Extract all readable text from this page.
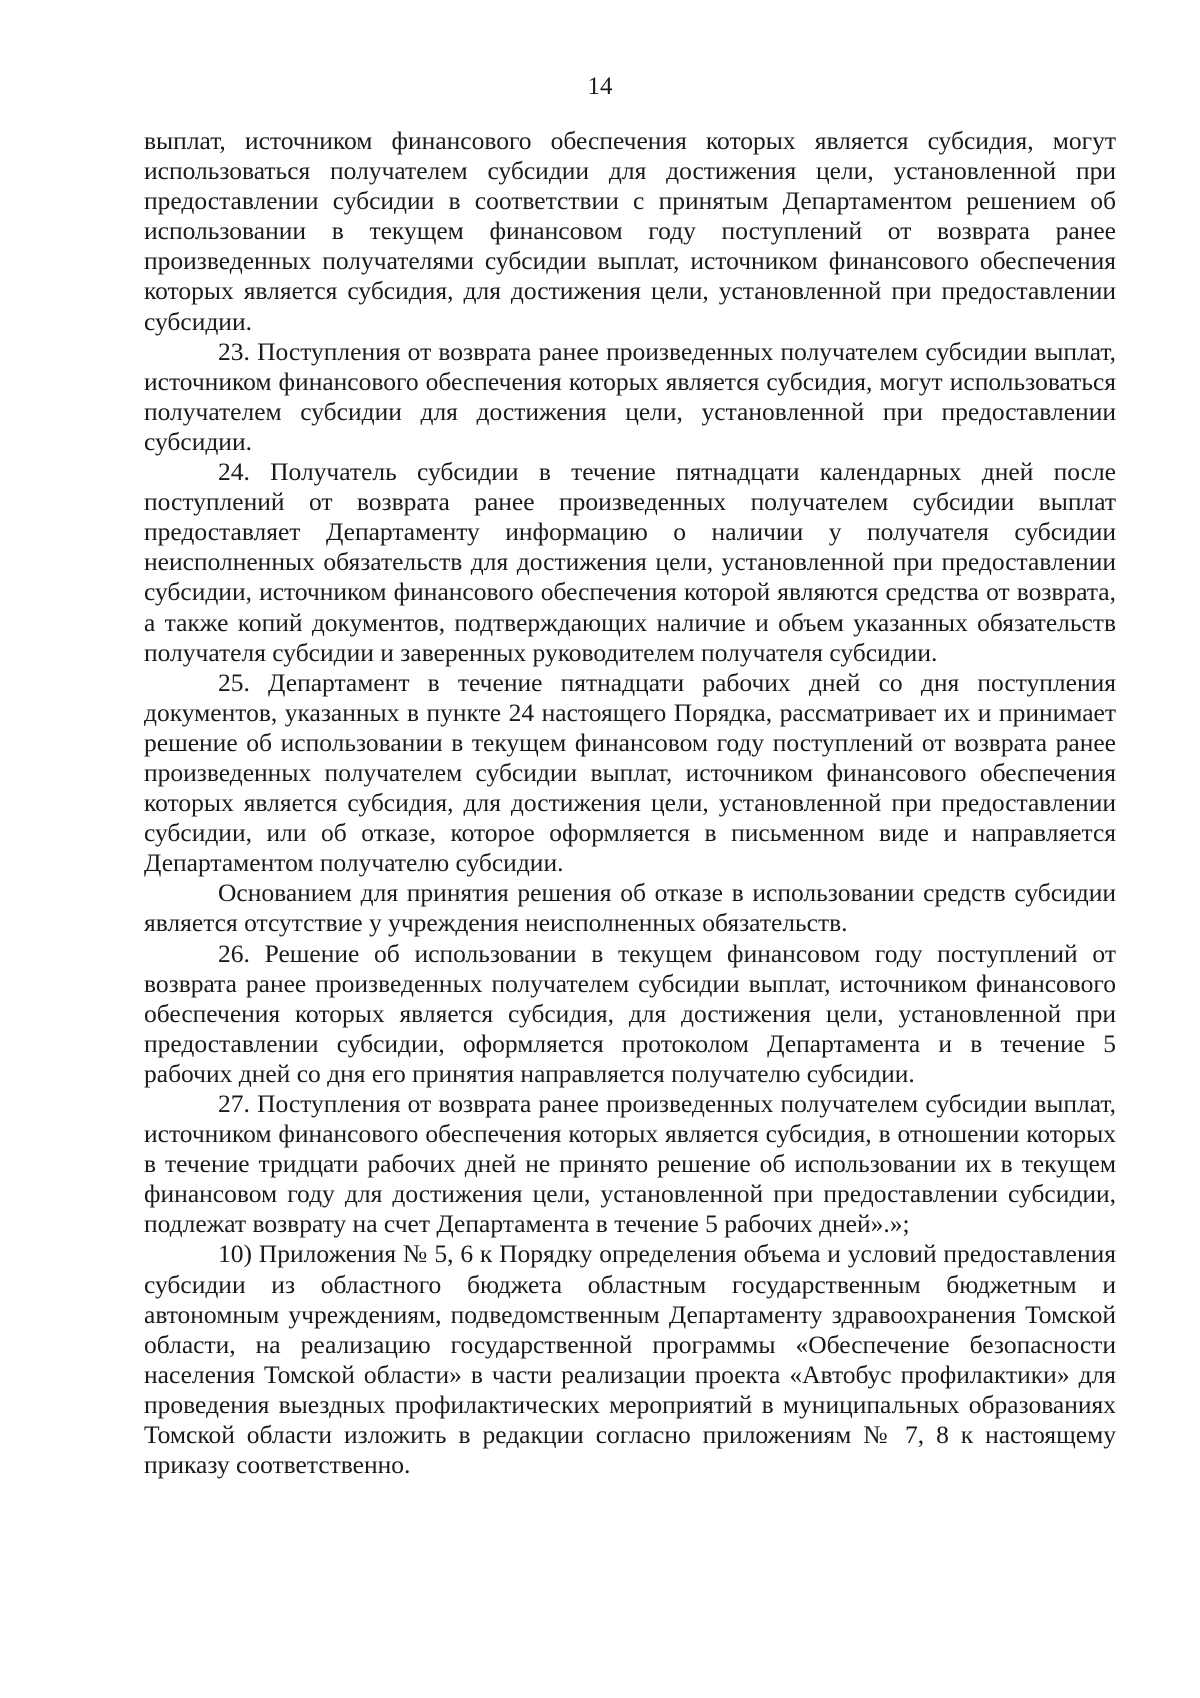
14

выплат, источником финансового обеспечения которых является субсидия, могут использоваться получателем субсидии для достижения цели, установленной при предоставлении субсидии в соответствии с принятым Департаментом решением об использовании в текущем финансовом году поступлений от возврата ранее произведенных получателями субсидии выплат, источником финансового обеспечения которых является субсидия, для достижения цели, установленной при предоставлении субсидии.

23. Поступления от возврата ранее произведенных получателем субсидии выплат, источником финансового обеспечения которых является субсидия, могут использоваться получателем субсидии для достижения цели, установленной при предоставлении субсидии.

24. Получатель субсидии в течение пятнадцати календарных дней после поступлений от возврата ранее произведенных получателем субсидии выплат предоставляет Департаменту информацию о наличии у получателя субсидии неисполненных обязательств для достижения цели, установленной при предоставлении субсидии, источником финансового обеспечения которой являются средства от возврата, а также копий документов, подтверждающих наличие и объем указанных обязательств получателя субсидии и заверенных руководителем получателя субсидии.

25. Департамент в течение пятнадцати рабочих дней со дня поступления документов, указанных в пункте 24 настоящего Порядка, рассматривает их и принимает решение об использовании в текущем финансовом году поступлений от возврата ранее произведенных получателем субсидии выплат, источником финансового обеспечения которых является субсидия, для достижения цели, установленной при предоставлении субсидии, или об отказе, которое оформляется в письменном виде и направляется Департаментом получателю субсидии.

Основанием для принятия решения об отказе в использовании средств субсидии является отсутствие у учреждения неисполненных обязательств.

26. Решение об использовании в текущем финансовом году поступлений от возврата ранее произведенных получателем субсидии выплат, источником финансового обеспечения которых является субсидия, для достижения цели, установленной при предоставлении субсидии, оформляется протоколом Департамента и в течение 5 рабочих дней со дня его принятия направляется получателю субсидии.

27. Поступления от возврата ранее произведенных получателем субсидии выплат, источником финансового обеспечения которых является субсидия, в отношении которых в течение тридцати рабочих дней не принято решение об использовании их в текущем финансовом году для достижения цели, установленной при предоставлении субсидии, подлежат возврату на счет Департамента в течение 5 рабочих дней».»;

10) Приложения № 5, 6 к Порядку определения объема и условий предоставления субсидии из областного бюджета областным государственным бюджетным и автономным учреждениям, подведомственным Департаменту здравоохранения Томской области, на реализацию государственной программы «Обеспечение безопасности населения Томской области» в части реализации проекта «Автобус профилактики» для проведения выездных профилактических мероприятий в муниципальных образованиях Томской области изложить в редакции согласно приложениям № 7, 8 к настоящему приказу соответственно.
